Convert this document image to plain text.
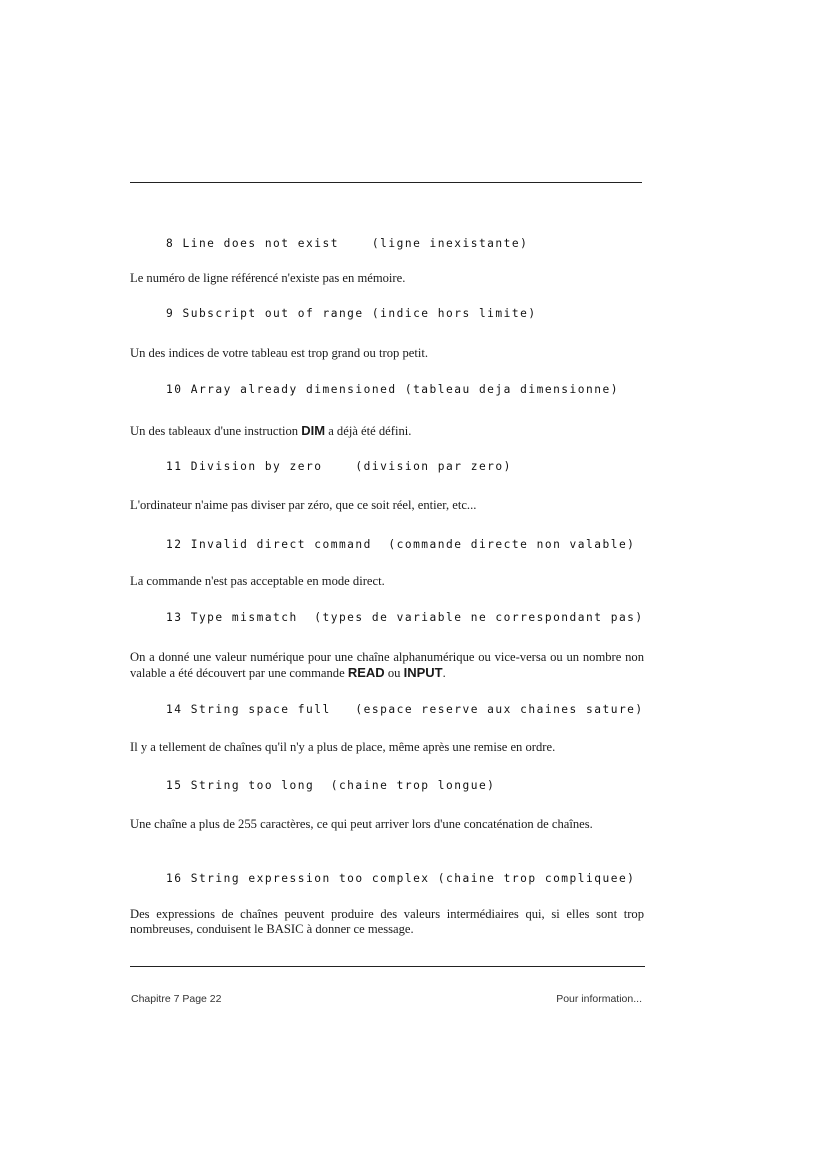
8 Line does not exist    (ligne inexistante)
Le numéro de ligne référencé n'existe pas en mémoire.
9 Subscript out of range (indice hors limite)
Un des indices de votre tableau est trop grand ou trop petit.
10 Array already dimensioned (tableau deja dimensionne)
Un des tableaux d'une instruction DIM a déjà été défini.
11 Division by zero    (division par zero)
L'ordinateur n'aime pas diviser par zéro, que ce soit réel, entier, etc...
12 Invalid direct command  (commande directe non valable)
La commande n'est pas acceptable en mode direct.
13 Type mismatch  (types de variable ne correspondant pas)
On a donné une valeur numérique pour une chaîne alphanumérique ou vice-versa ou un nombre non valable a été découvert par une commande READ ou INPUT.
14 String space full   (espace reserve aux chaines sature)
Il y a tellement de chaînes qu'il n'y a plus de place, même après une remise en ordre.
15 String too long  (chaine trop longue)
Une chaîne a plus de 255 caractères, ce qui peut arriver lors d'une concaténation de chaînes.
16 String expression too complex (chaine trop compliquee)
Des expressions de chaînes peuvent produire des valeurs intermédiaires qui, si elles sont trop nombreuses, conduisent le BASIC à donner ce message.
Chapitre 7 Page 22	Pour information...
